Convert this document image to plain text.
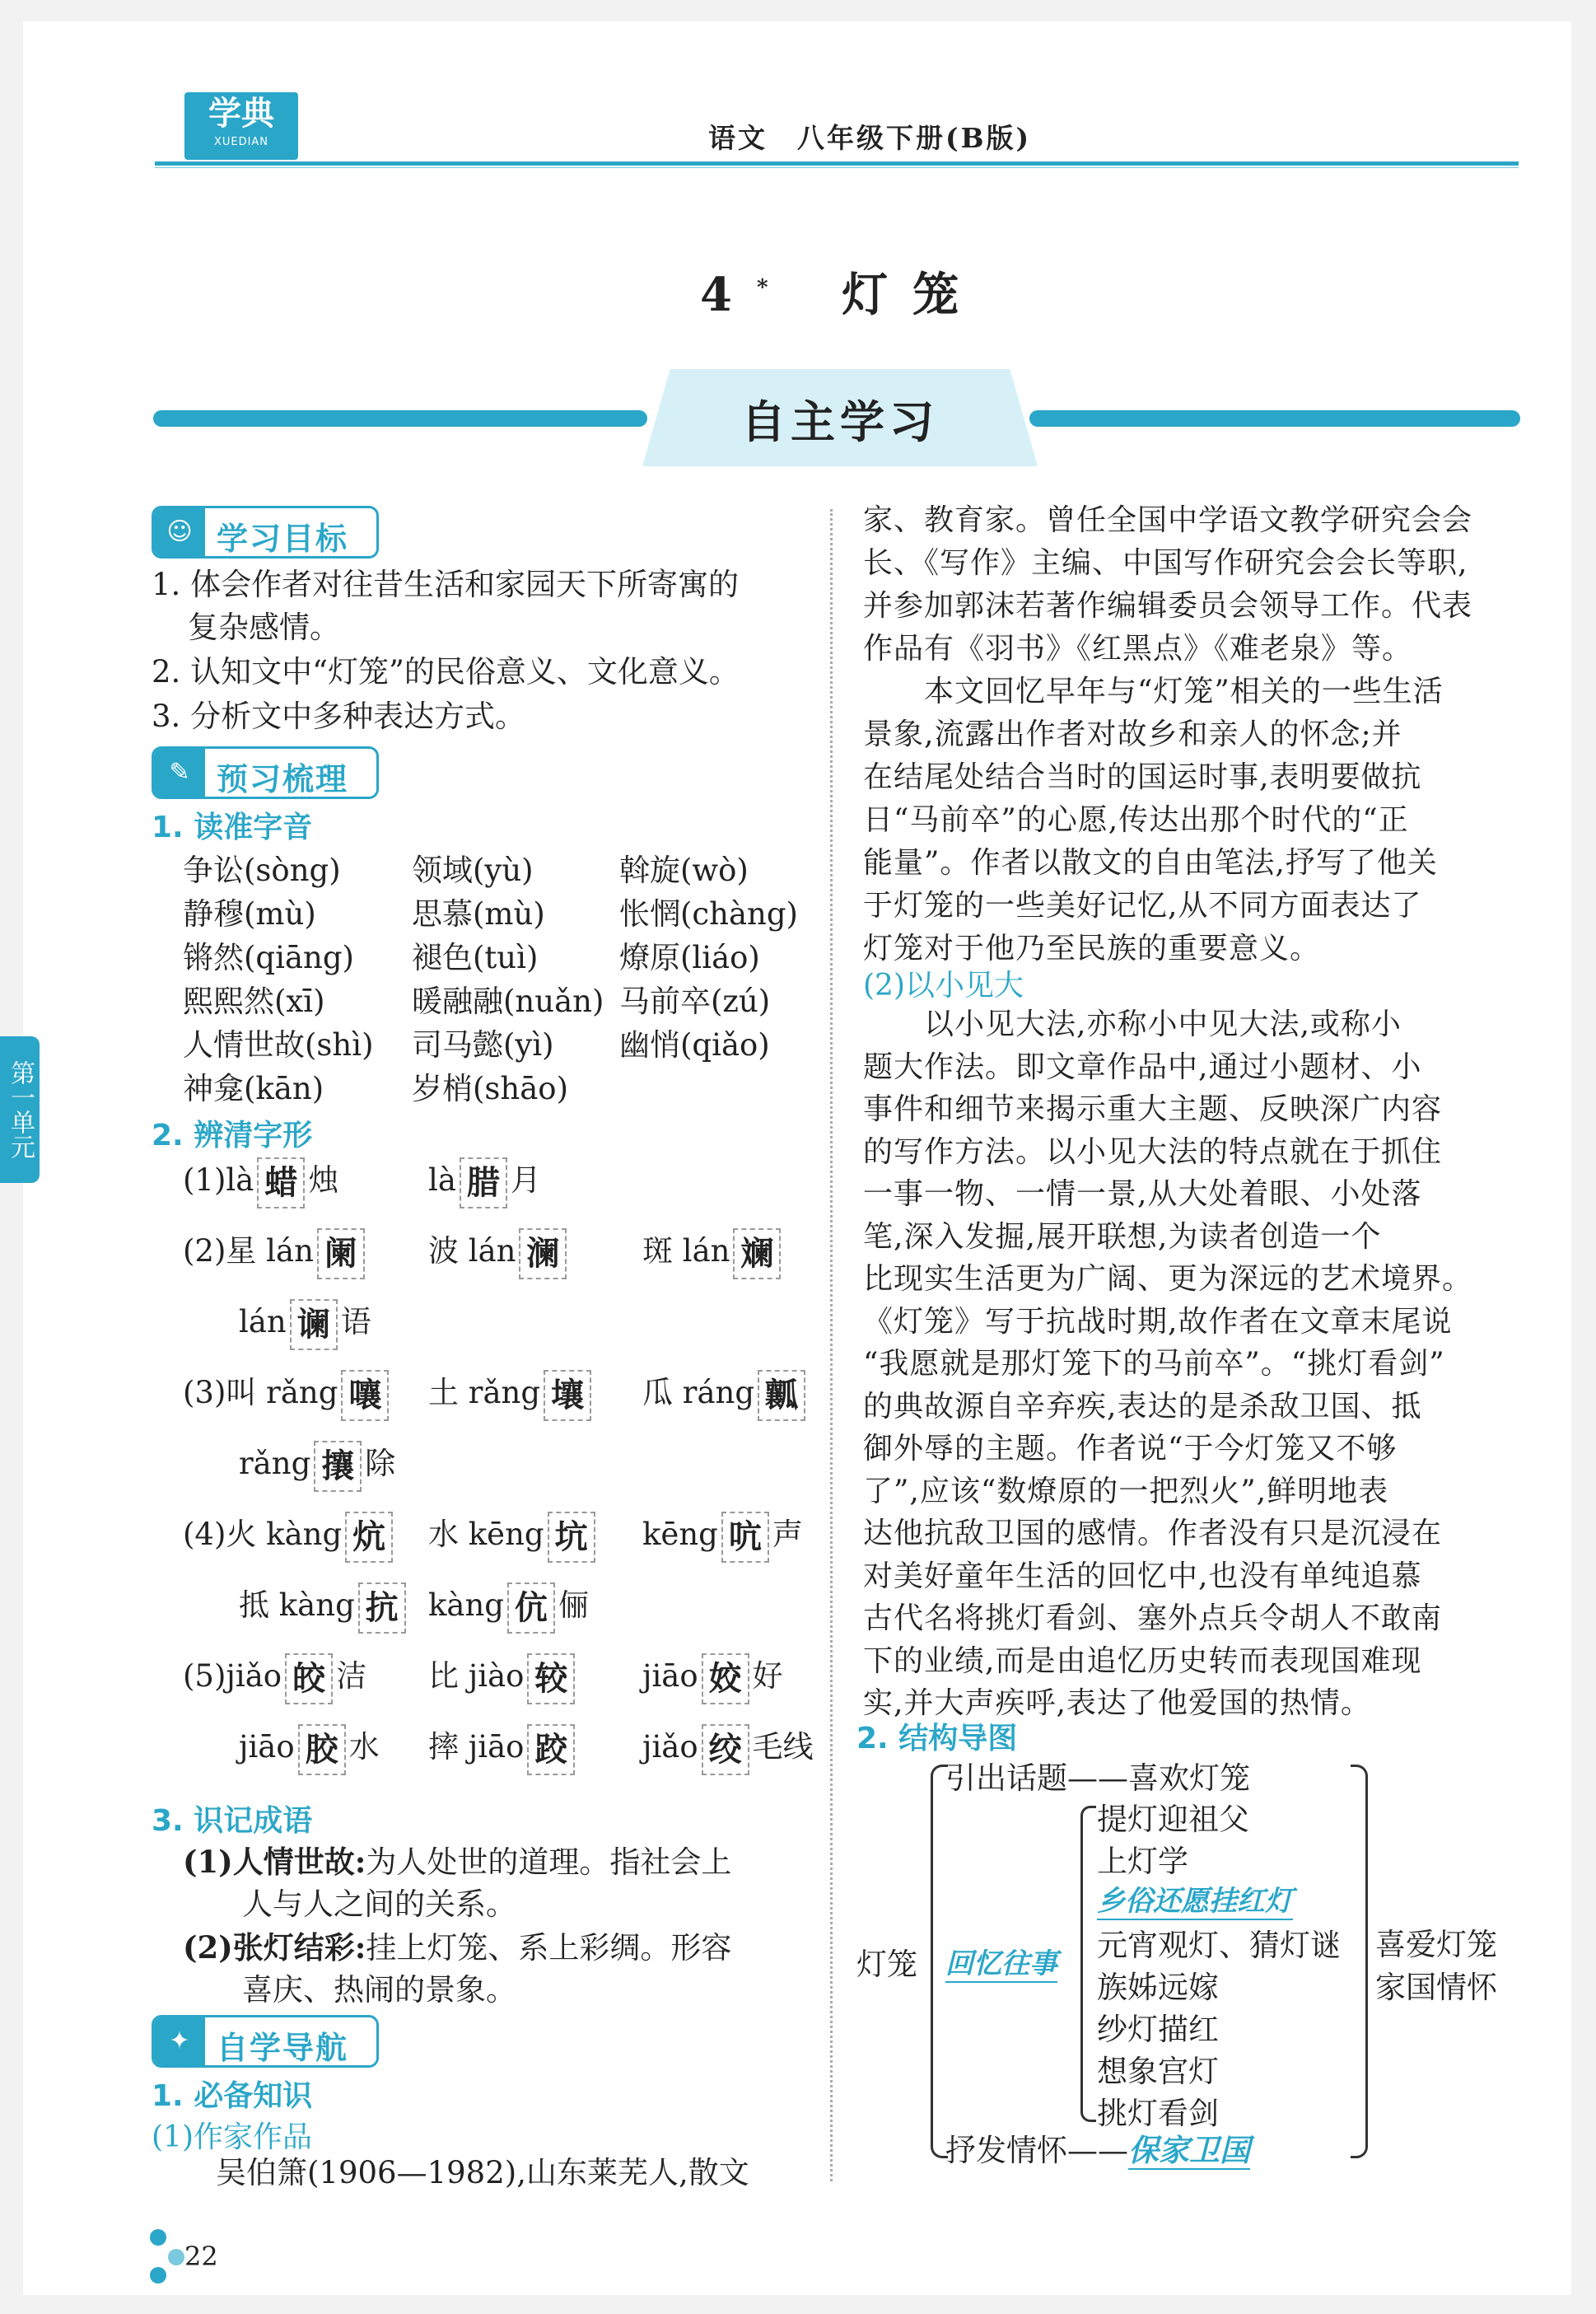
学典
XUEDIAN	语文　八年级下册(B版)
4* 灯笼
自主学习
第一单元
☺ 学习目标
1. 体会作者对往昔生活和家园天下所寄寓的
复杂感情。
2. 认知文中“灯笼”的民俗意义、文化意义。
3. 分析文中多种表达方式。
✎ 预习梳理
1. 读准字音
争讼(sòng) 领域(yù)	斡旋(wò)
静穆(mù)	思慕(mù) 怅惘(chàng)
锵然(qiāng) 褪色(tuì)	燎原(liáo)
熙熙然(xī)	暖融融(nuǎn) 马前卒(zú)
人情世故(shì) 司马懿(yì) 幽悄(qiǎo)
神龛(kān)	岁梢(shāo)
2. 辨清字形
(1)là 蜡 烛	là 腊 月
(2)星 lán 阑	波 lán 澜	斑 lán 斓
lán 谰 语
(3)叫 rǎng 嚷	土 rǎng 壤	瓜 ráng 瓤
rǎng 攘 除
(4)火 kàng 炕	水 kēng 坑	kēng 吭 声
抵 kàng 抗 kàng 伉 俪
(5)jiǎo 皎 洁 比 jiào 较	jiāo 姣 好
jiāo 胶 水 摔 jiāo 跤	jiǎo 绞 毛线
3. 识记成语
(1)人情世故:为人处世的道理。指社会上
人与人之间的关系。
(2)张灯结彩:挂上灯笼、系上彩绸。形容
喜庆、热闹的景象。
✦ 自学导航
1. 必备知识
(1)作家作品
吴伯箫(1906—1982),山东莱芜人,散文
家、教育家。曾任全国中学语文教学研究会会
长、《写作》主编、中国写作研究会会长等职,
并参加郭沫若著作编辑委员会领导工作。代表
作品有《羽书》《红黑点》《难老泉》等。
　　本文回忆早年与“灯笼”相关的一些生活
景象,流露出作者对故乡和亲人的怀念;并
在结尾处结合当时的国运时事,表明要做抗
日“马前卒”的心愿,传达出那个时代的“正
能量”。作者以散文的自由笔法,抒写了他关
于灯笼的一些美好记忆,从不同方面表达了
灯笼对于他乃至民族的重要意义。
(2)以小见大
　　以小见大法,亦称小中见大法,或称小
题大作法。即文章作品中,通过小题材、小
事件和细节来揭示重大主题、反映深广内容
的写作方法。以小见大法的特点就在于抓住
一事一物、一情一景,从大处着眼、小处落
笔,深入发掘,展开联想,为读者创造一个
比现实生活更为广阔、更为深远的艺术境界。
《灯笼》写于抗战时期,故作者在文章末尾说
“我愿就是那灯笼下的马前卒”。“挑灯看剑”
的典故源自辛弃疾,表达的是杀敌卫国、抵
御外辱的主题。作者说“于今灯笼又不够
了”,应该“数燎原的一把烈火”,鲜明地表
达他抗敌卫国的感情。作者没有只是沉浸在
对美好童年生活的回忆中,也没有单纯追慕
古代名将挑灯看剑、塞外点兵令胡人不敢南
下的业绩,而是由追忆历史转而表现国难现
实,并大声疾呼,表达了他爱国的热情。
2. 结构导图
灯笼
引出话题——喜欢灯笼
回忆往事
提灯迎祖父
上灯学
乡俗还愿挂红灯
元宵观灯、猜灯谜
族姊远嫁
纱灯描红
想象宫灯
挑灯看剑
抒发情怀——保家卫国
喜爱灯笼
家国情怀
22
